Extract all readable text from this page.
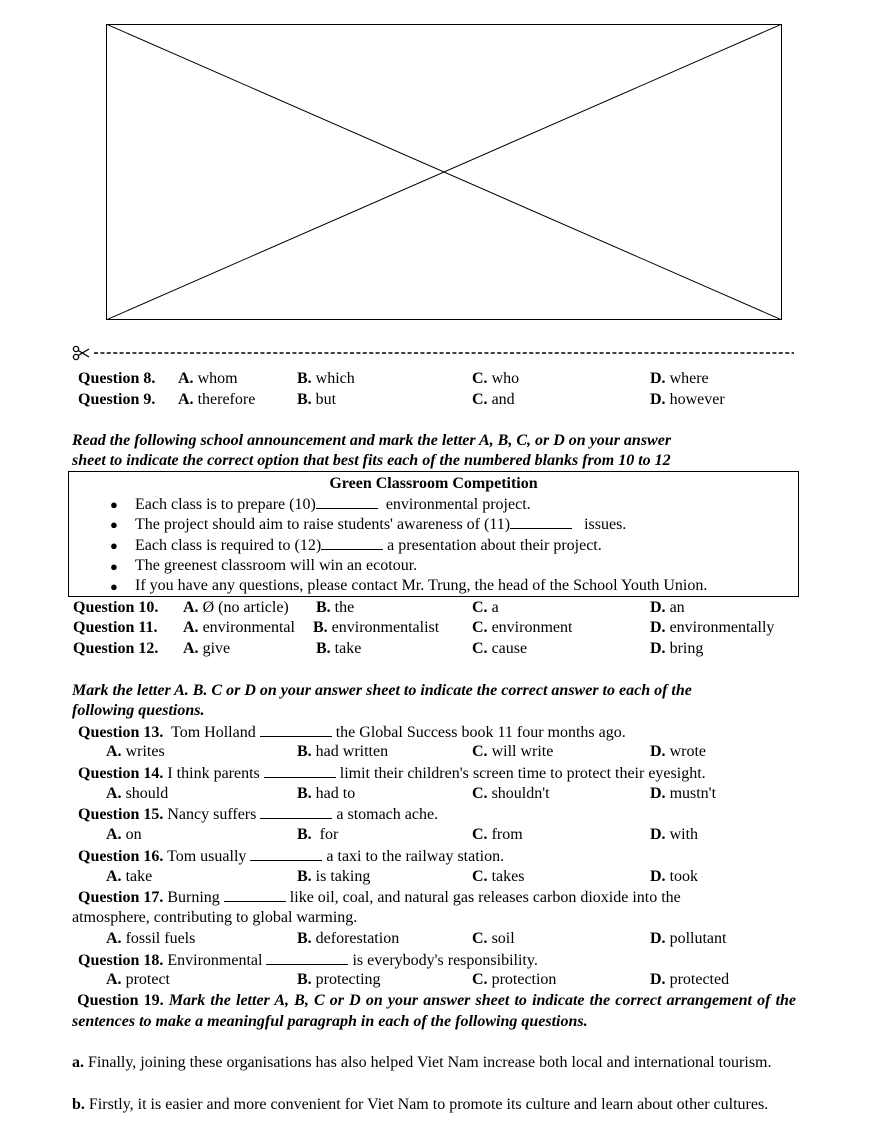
Question 8. A. whom	B. which	C. who	D. where
Question 9. A. therefore	B. but	C. and	D. however
Read the following school announcement and mark the letter A, B, C, or D on your answer
sheet to indicate the correct option that best fits each of the numbered blanks from 10 to 12
Green Classroom Competition
● Each class is to prepare (10)	environmental project.
● The project should aim to raise students' awareness of (11)	issues.
● Each class is required to (12)	a presentation about their project.
● The greenest classroom will win an ecotour.
● If you have any questions, please contact Mr. Trung, the head of the School Youth Union.
Question 10. A. Ø (no article) B. the	C. a	D. an
Question 11. A. environmental B. environmentalist C. environment	D. environmentally
Question 12. A. give	B. take	C. cause	D. bring
Mark the letter A. B. C or D on your answer sheet to indicate the correct answer to each of the
following questions.
Question 13. Tom Holland	the Global Success book 11 four months ago.
A. writes	B. had written	C. will write	D. wrote
Question 14. I think parents	limit their children's screen time to protect their eyesight.
A. should	B. had to	C. shouldn't	D. mustn't
Question 15. Nancy suffers	a stomach ache.
A. on	B. for	C. from	D. with
Question 16. Tom usually	a taxi to the railway station.
A. take	B. is taking	C. takes	D. took
Question 17. Burning	like oil, coal, and natural gas releases carbon dioxide into the
atmosphere, contributing to global warming.
A. fossil fuels	B. deforestation	C. soil	D. pollutant
Question 18. Environmental	is everybody's responsibility.
A. protect	B. protecting	C. protection	D. protected
Question 19. Mark the letter A, B, C or D on your answer sheet to indicate the correct arrangement of the sentences to make a meaningful paragraph in each of the following questions.
a. Finally, joining these organisations has also helped Viet Nam increase both local and international tourism.
b. Firstly, it is easier and more convenient for Viet Nam to promote its culture and learn about other cultures.
